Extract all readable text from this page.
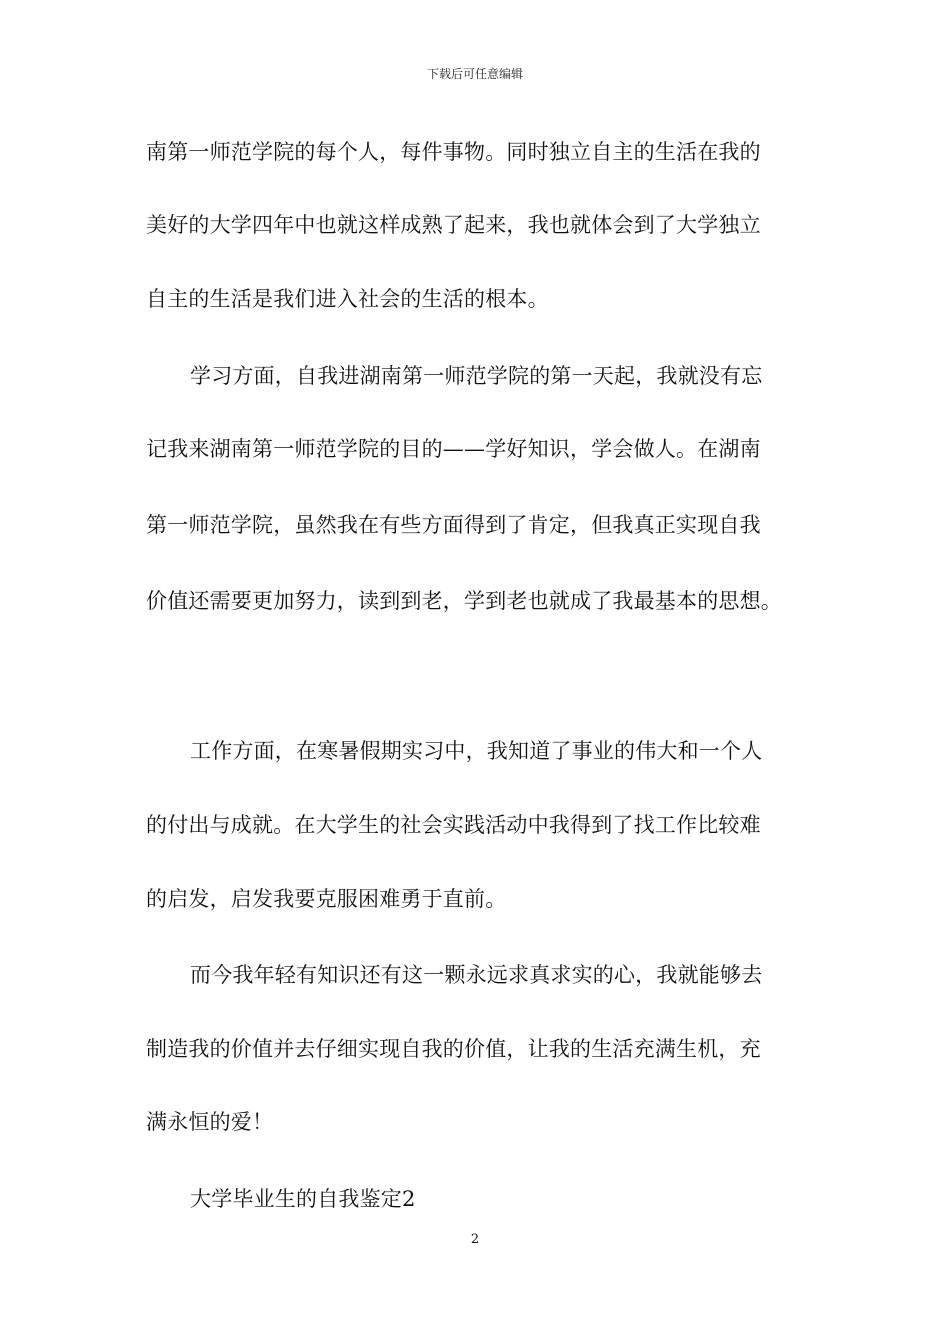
下载后可任意编辑
南第一师范学院的每个人，每件事物。同时独立自主的生活在我的
美好的大学四年中也就这样成熟了起来，我也就体会到了大学独立
自主的生活是我们进入社会的生活的根本。
学习方面，自我进湖南第一师范学院的第一天起，我就没有忘
记我来湖南第一师范学院的目的——学好知识，学会做人。在湖南
第一师范学院，虽然我在有些方面得到了肯定，但我真正实现自我
价值还需要更加努力，读到到老，学到老也就成了我最基本的思想。
工作方面，在寒暑假期实习中，我知道了事业的伟大和一个人
的付出与成就。在大学生的社会实践活动中我得到了找工作比较难
的启发，启发我要克服困难勇于直前。
而今我年轻有知识还有这一颗永远求真求实的心，我就能够去
制造我的价值并去仔细实现自我的价值，让我的生活充满生机，充
满永恒的爱！
大学毕业生的自我鉴定2
2
